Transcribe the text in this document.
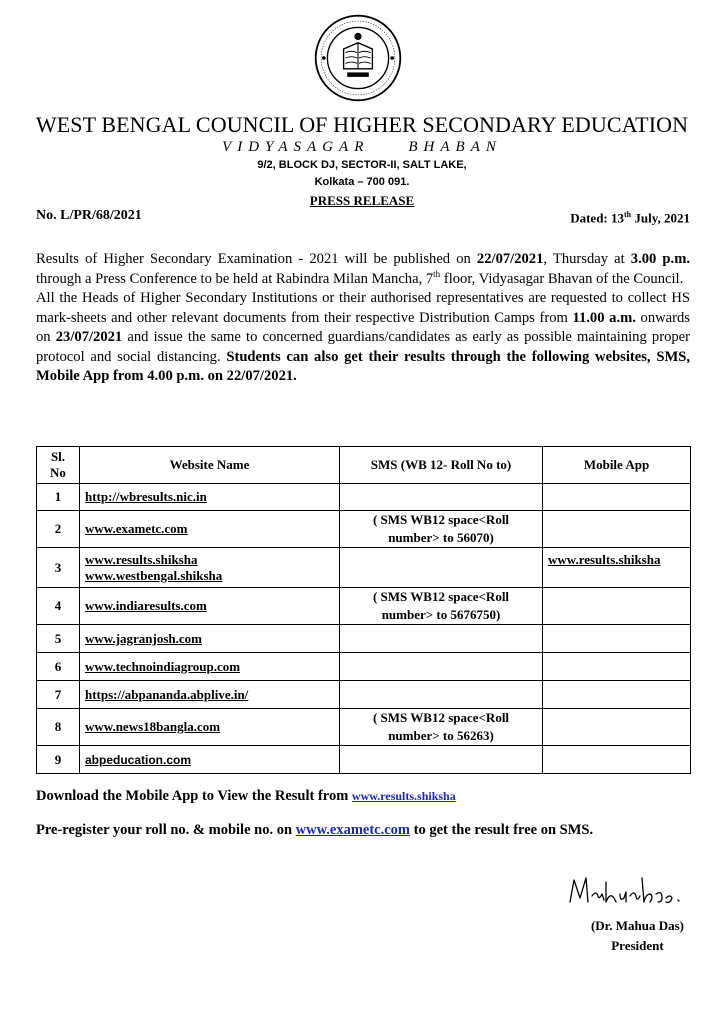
WEST BENGAL COUNCIL OF HIGHER SECONDARY EDUCATION
VIDYASAGAR    BHABAN
9/2, BLOCK DJ, SECTOR-II, SALT LAKE,
Kolkata – 700 091.
PRESS RELEASE
No. L/PR/68/2021	Dated: 13th July, 2021

Results of Higher Secondary Examination - 2021 will be published on 22/07/2021, Thursday at 3.00 p.m. through a Press Conference to be held at Rabindra Milan Mancha, 7th floor, Vidyasagar Bhavan of the Council.

All the Heads of Higher Secondary Institutions or their authorised representatives are requested to collect HS mark-sheets and other relevant documents from their respective Distribution Camps from 11.00 a.m. onwards on 23/07/2021 and issue the same to concerned guardians/candidates as early as possible maintaining proper protocol and social distancing. Students can also get their results through the following websites, SMS, Mobile App from 4.00 p.m. on 22/07/2021.

Sl. No	Website Name	SMS (WB 12- Roll No to)	Mobile App
1	http://wbresults.nic.in		
2	www.exametc.com	( SMS WB12 space<Roll number> to 56070)	
3	www.results.shiksha
www.westbengal.shiksha		www.results.shiksha
4	www.indiaresults.com	( SMS WB12 space<Roll number> to 5676750)	
5	www.jagranjosh.com		
6	www.technoindiagroup.com		
7	https://abpananda.abplive.in/		
8	www.news18bangla.com	( SMS WB12 space<Roll number> to 56263)	
9	abpeducation.com		
Download the Mobile App to View the Result from www.results.shiksha
Pre-register your roll no. & mobile no. on www.exametc.com to get the result free on SMS.
(Dr. Mahua Das)
President
